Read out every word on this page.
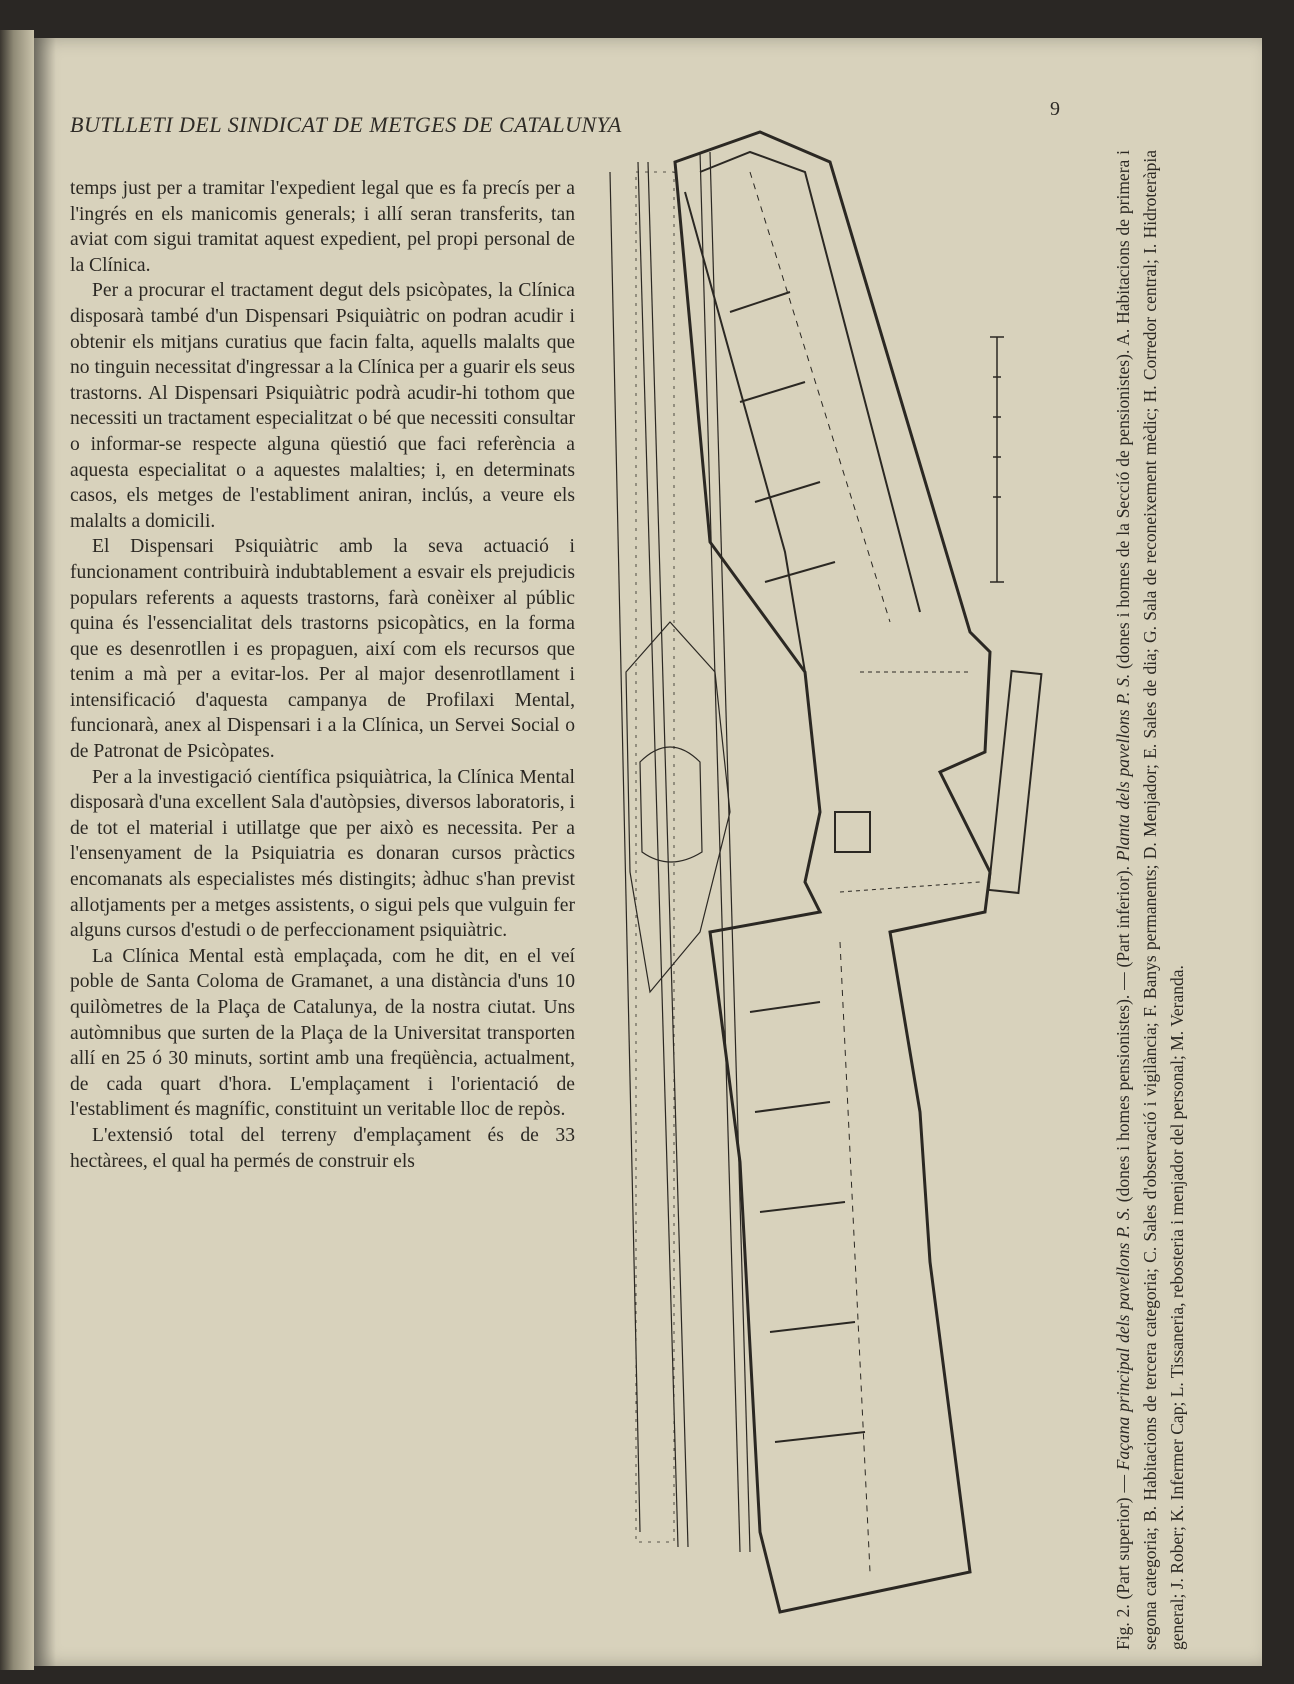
BUTLLETI DEL SINDICAT DE METGES DE CATALUNYA
9

temps just per a tramitar l'expedient legal que es fa precís per a l'ingrés en els manicomis generals; i allí seran transferits, tan aviat com sigui tramitat aquest expedient, pel propi personal de la Clínica.

Per a procurar el tractament degut dels psicòpates, la Clínica disposarà també d'un Dispensari Psiquiàtric on podran acudir i obtenir els mitjans curatius que facin falta, aquells malalts que no tinguin necessitat d'ingressar a la Clínica per a guarir els seus trastorns. Al Dispensari Psiquiàtric podrà acudir-hi tothom que necessiti un tractament especialitzat o bé que necessiti consultar o informar-se respecte alguna qüestió que faci referència a aquesta especialitat o a aquestes malalties; i, en determinats casos, els metges de l'establiment aniran, inclús, a veure els malalts a domicili.

El Dispensari Psiquiàtric amb la seva actuació i funcionament contribuirà indubtablement a esvair els prejudicis populars referents a aquests trastorns, farà conèixer al públic quina és l'essencialitat dels trastorns psicopàtics, en la forma que es desenrotllen i es propaguen, així com els recursos que tenim a mà per a evitar-los. Per al major desenrotllament i intensificació d'aquesta campanya de Profilaxi Mental, funcionarà, anex al Dispensari i a la Clínica, un Servei Social o de Patronat de Psicòpates.

Per a la investigació científica psiquiàtrica, la Clínica Mental disposarà d'una excellent Sala d'autòpsies, diversos laboratoris, i de tot el material i utillatge que per això es necessita. Per a l'ensenyament de la Psiquiatria es donaran cursos pràctics encomanats als especialistes més distingits; àdhuc s'han previst allotjaments per a metges assistents, o sigui pels que vulguin fer alguns cursos d'estudi o de perfeccionament psiquiàtric.

La Clínica Mental està emplaçada, com he dit, en el veí poble de Santa Coloma de Gramanet, a una distància d'uns 10 quilòmetres de la Plaça de Catalunya, de la nostra ciutat. Uns autòmnibus que surten de la Plaça de la Universitat transporten allí en 25 ó 30 minuts, sortint amb una freqüència, actualment, de cada quart d'hora. L'emplaçament i l'orientació de l'establiment és magnífic, constituint un veritable lloc de repòs.

L'extensió total del terreny d'emplaçament és de 33 hectàrees, el qual ha permés de construir els

Fig. 2. (Part superior) — Façana principal dels pavellons P. S. (dones i homes pensionistes). — (Part inferior). Planta dels pavellons P. S. (dones i homes de la Secció de pensionistes). A. Habitacions de primera i segona categoria; B. Habitacions de tercera categoria; C. Sales d'observació i vigilància; F. Banys permanents; D. Menjador; E. Sales de dia; G. Sala de reconeixement mèdic; H. Corredor central; I. Hidroteràpia general; J. Rober; K. Infermer Cap; L. Tissaneria, rebosteria i menjador del personal; M. Veranda.
